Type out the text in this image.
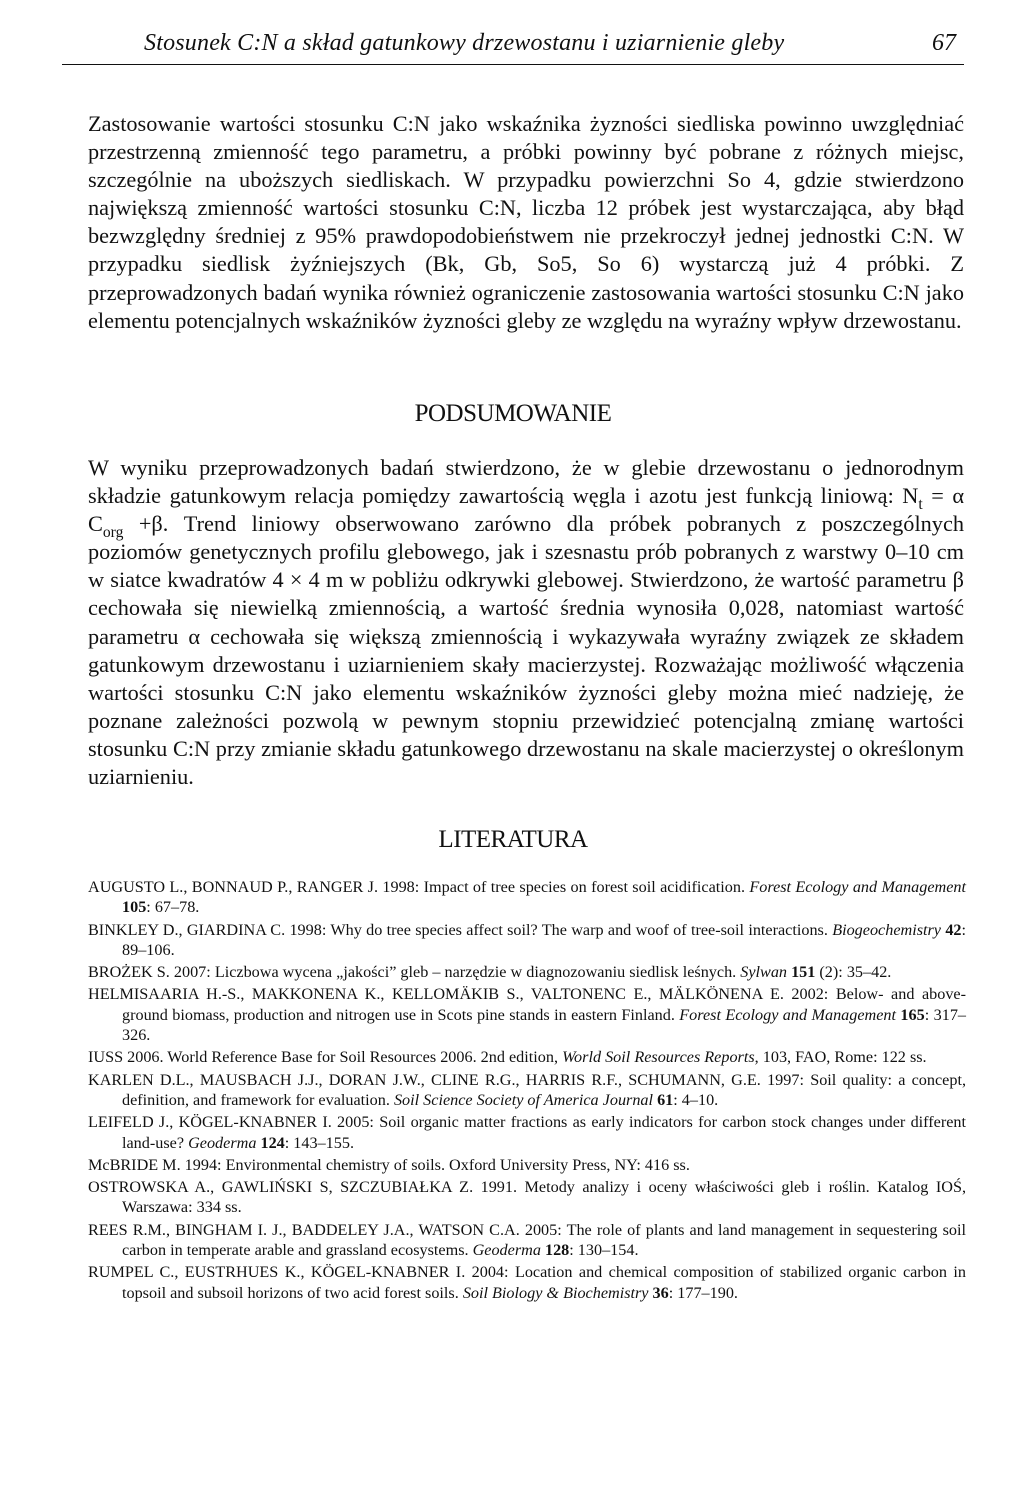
Stosunek C:N a skład gatunkowy drzewostanu i uziarnienie gleby	67
Zastosowanie wartości stosunku C:N jako wskaźnika żyzności siedliska powinno uwzględniać przestrzenną zmienność tego parametru, a próbki powinny być pobrane z różnych miejsc, szczególnie na uboższych siedliskach. W przypadku powierzchni So 4, gdzie stwierdzono największą zmienność wartości stosunku C:N, liczba 12 próbek jest wystarczająca, aby błąd bezwzględny średniej z 95% prawdopodobieństwem nie przekroczył jednej jednostki C:N. W przypadku siedlisk żyźniejszych (Bk, Gb, So5, So 6) wystarczą już 4 próbki. Z przeprowadzonych badań wynika również ograniczenie zastosowania wartości stosunku C:N jako elementu potencjalnych wskaźników żyzności gleby ze względu na wyraźny wpływ drzewostanu.
PODSUMOWANIE
W wyniku przeprowadzonych badań stwierdzono, że w glebie drzewostanu o jednorodnym składzie gatunkowym relacja pomiędzy zawartością węgla i azotu jest funkcją liniową: $N_t = \alpha$ $C_{org} +\beta$. Trend liniowy obserwowano zarówno dla próbek pobranych z poszczególnych poziomów genetycznych profilu glebowego, jak i szesnastu prób pobranych z warstwy 0–10 cm w siatce kwadratów 4 × 4 m w pobliżu odkrywki glebowej. Stwierdzono, że wartość parametru β cechowała się niewielką zmiennością, a wartość średnia wynosiła 0,028, natomiast wartość parametru α cechowała się większą zmiennością i wykazywała wyraźny związek ze składem gatunkowym drzewostanu i uziarnieniem skały macierzystej. Rozważając możliwość włączenia wartości stosunku C:N jako elementu wskaźników żyzności gleby można mieć nadzieję, że poznane zależności pozwolą w pewnym stopniu przewidzieć potencjalną zmianę wartości stosunku C:N przy zmianie składu gatunkowego drzewostanu na skale macierzystej o określonym uziarnieniu.
LITERATURA
AUGUSTO L., BONNAUD P., RANGER J. 1998: Impact of tree species on forest soil acidification. Forest Ecology and Management 105: 67–78.
BINKLEY D., GIARDINA C. 1998: Why do tree species affect soil? The warp and woof of tree-soil interactions. Biogeochemistry 42: 89–106.
BROŻEK S. 2007: Liczbowa wycena „jakości” gleb – narzędzie w diagnozowaniu siedlisk leśnych. Sylwan 151 (2): 35–42.
HELMISAARIA H.-S., MAKKONENA K., KELLOMÄKIB S., VALTONENC E., MÄLKÖNENA E. 2002: Below- and above-ground biomass, production and nitrogen use in Scots pine stands in eastern Finland. Forest Ecology and Management 165: 317–326.
IUSS 2006. World Reference Base for Soil Resources 2006. 2nd edition, World Soil Resources Reports, 103, FAO, Rome: 122 ss.
KARLEN D.L., MAUSBACH J.J., DORAN J.W., CLINE R.G., HARRIS R.F., SCHUMANN, G.E. 1997: Soil quality: a concept, definition, and framework for evaluation. Soil Science Society of America Journal 61: 4–10.
LEIFELD J., KÖGEL-KNABNER I. 2005: Soil organic matter fractions as early indicators for carbon stock changes under different land-use? Geoderma 124: 143–155.
McBRIDE M. 1994: Environmental chemistry of soils. Oxford University Press, NY: 416 ss.
OSTROWSKA A., GAWLIŃSKI S, SZCZUBIAŁKA Z. 1991. Metody analizy i oceny właściwości gleb i roślin. Katalog IOŚ, Warszawa: 334 ss.
REES R.M., BINGHAM I. J., BADDELEY J.A., WATSON C.A. 2005: The role of plants and land management in sequestering soil carbon in temperate arable and grassland ecosystems. Geoderma 128: 130–154.
RUMPEL C., EUSTRHUES K., KÖGEL-KNABNER I. 2004: Location and chemical composition of stabilized organic carbon in topsoil and subsoil horizons of two acid forest soils. Soil Biology & Biochemistry 36: 177–190.
